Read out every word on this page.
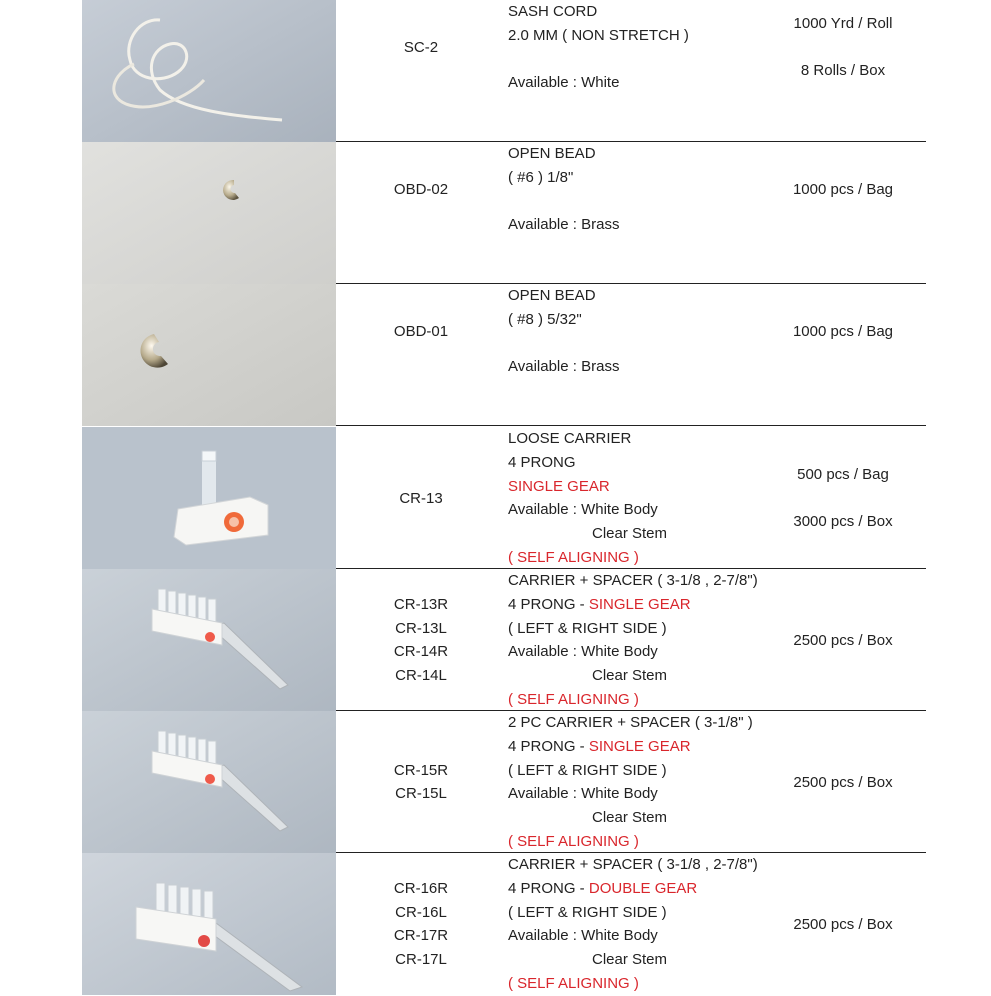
SC-2
SASH CORD
2.0 MM ( NON STRETCH )
Available : White
1000 Yrd / Roll
8 Rolls / Box
OBD-02
OPEN BEAD
( #6 ) 1/8"
Available : Brass
1000 pcs / Bag
OBD-01
OPEN BEAD
( #8 ) 5/32"
Available : Brass
1000 pcs / Bag
CR-13
LOOSE CARRIER
4 PRONG
SINGLE GEAR
Available : White Body
Clear Stem
( SELF ALIGNING )
500 pcs / Bag
3000 pcs / Box
CR-13R
CR-13L
CR-14R
CR-14L
CARRIER + SPACER ( 3-1/8 , 2-7/8")
4 PRONG - SINGLE GEAR
( LEFT & RIGHT SIDE )
Available : White Body
Clear Stem
( SELF ALIGNING )
2500 pcs / Box
CR-15R
CR-15L
2 PC CARRIER + SPACER ( 3-1/8" )
4 PRONG - SINGLE GEAR
( LEFT & RIGHT SIDE )
Available : White Body
Clear Stem
( SELF ALIGNING )
2500 pcs / Box
CR-16R
CR-16L
CR-17R
CR-17L
CARRIER + SPACER ( 3-1/8 , 2-7/8")
4 PRONG - DOUBLE GEAR
( LEFT & RIGHT SIDE )
Available : White Body
Clear Stem
( SELF ALIGNING )
2500 pcs / Box
